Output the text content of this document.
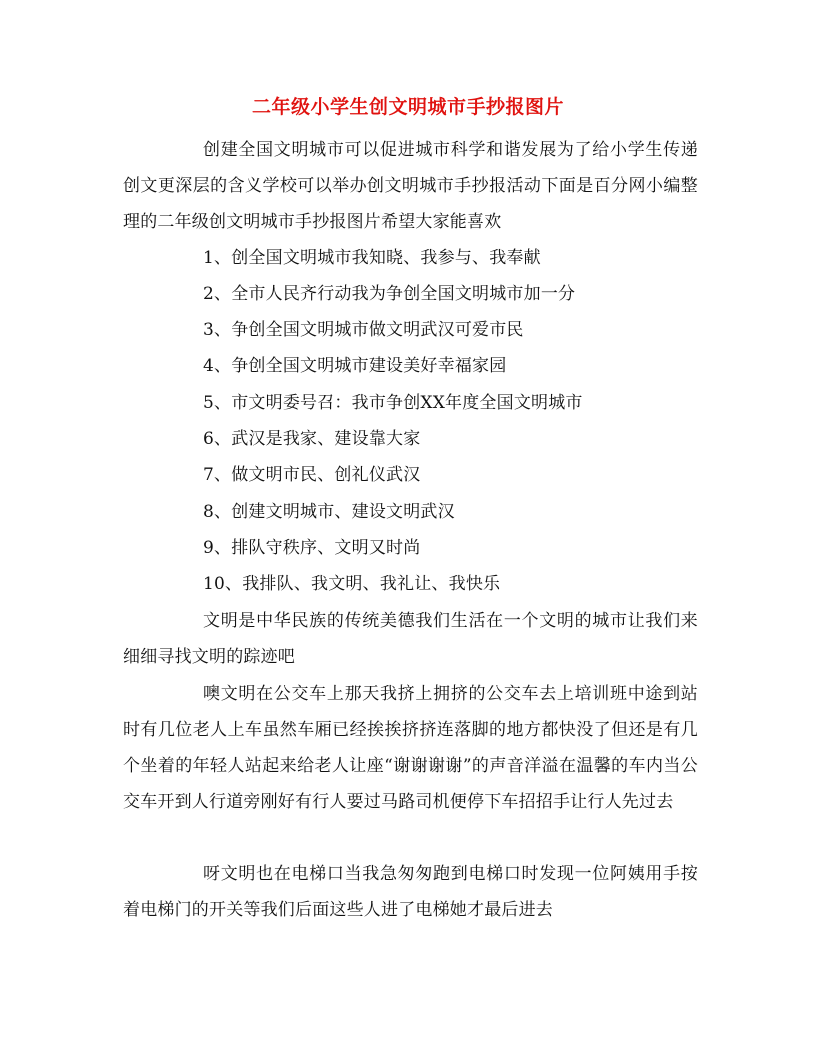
二年级小学生创文明城市手抄报图片

创建全国文明城市可以促进城市科学和谐发展为了给小学生传递创文更深层的含义学校可以举办创文明城市手抄报活动下面是百分网小编整理的二年级创文明城市手抄报图片希望大家能喜欢

1、创全国文明城市我知晓、我参与、我奉献

2、全市人民齐行动我为争创全国文明城市加一分

3、争创全国文明城市做文明武汉可爱市民

4、争创全国文明城市建设美好幸福家园

5、市文明委号召：我市争创XX年度全国文明城市

6、武汉是我家、建设靠大家

7、做文明市民、创礼仪武汉

8、创建文明城市、建设文明武汉

9、排队守秩序、文明又时尚

10、我排队、我文明、我礼让、我快乐

文明是中华民族的传统美德我们生活在一个文明的城市让我们来细细寻找文明的踪迹吧

噢文明在公交车上那天我挤上拥挤的公交车去上培训班中途到站时有几位老人上车虽然车厢已经挨挨挤挤连落脚的地方都快没了但还是有几个坐着的年轻人站起来给老人让座“谢谢谢谢”的声音洋溢在温馨的车内当公交车开到人行道旁刚好有行人要过马路司机便停下车招招手让行人先过去

呀文明也在电梯口当我急匆匆跑到电梯口时发现一位阿姨用手按着电梯门的开关等我们后面这些人进了电梯她才最后进去
